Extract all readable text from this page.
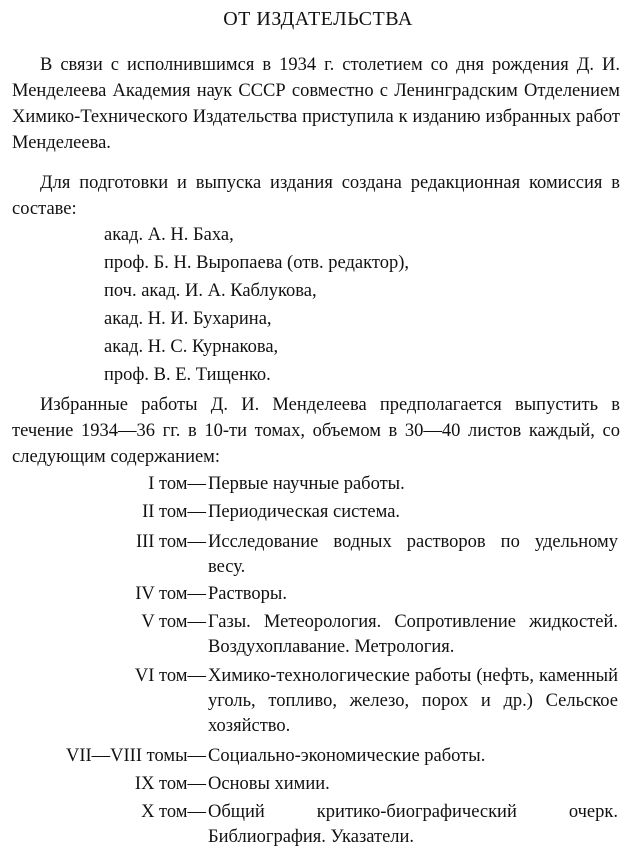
ОТ ИЗДАТЕЛЬСТВА
В связи с исполнившимся в 1934 г. столетием со дня рождения Д. И. Менделеева Академия наук СССР совместно с Ленинградским Отделением Химико-Технического Издательства приступила к изданию избранных работ Менделеева.
Для подготовки и выпуска издания создана редакционная комиссия в составе:
акад. А. Н. Баха,
проф. Б. Н. Выропаева (отв. редактор),
поч. акад. И. А. Каблукова,
акад. Н. И. Бухарина,
акад. Н. С. Курнакова,
проф. В. Е. Тищенко.
Избранные работы Д. И. Менделеева предполагается выпустить в течение 1934—36 гг. в 10-ти томах, объемом в 30—40 листов каждый, со следующим содержанием:
I том— Первые научные работы.
II том— Периодическая система.
III том— Исследование водных растворов по удельному весу.
IV том— Растворы.
V том— Газы. Метеорология. Сопротивление жидкостей. Воздухоплавание. Метрология.
VI том— Химико-технологические работы (нефть, каменный уголь, топливо, железо, порох и др.) Сельское хозяйство.
VII—VIII томы— Социально-экономические работы.
IX том— Основы химии.
X том— Общий критико-биографический очерк. Библиография. Указатели.
